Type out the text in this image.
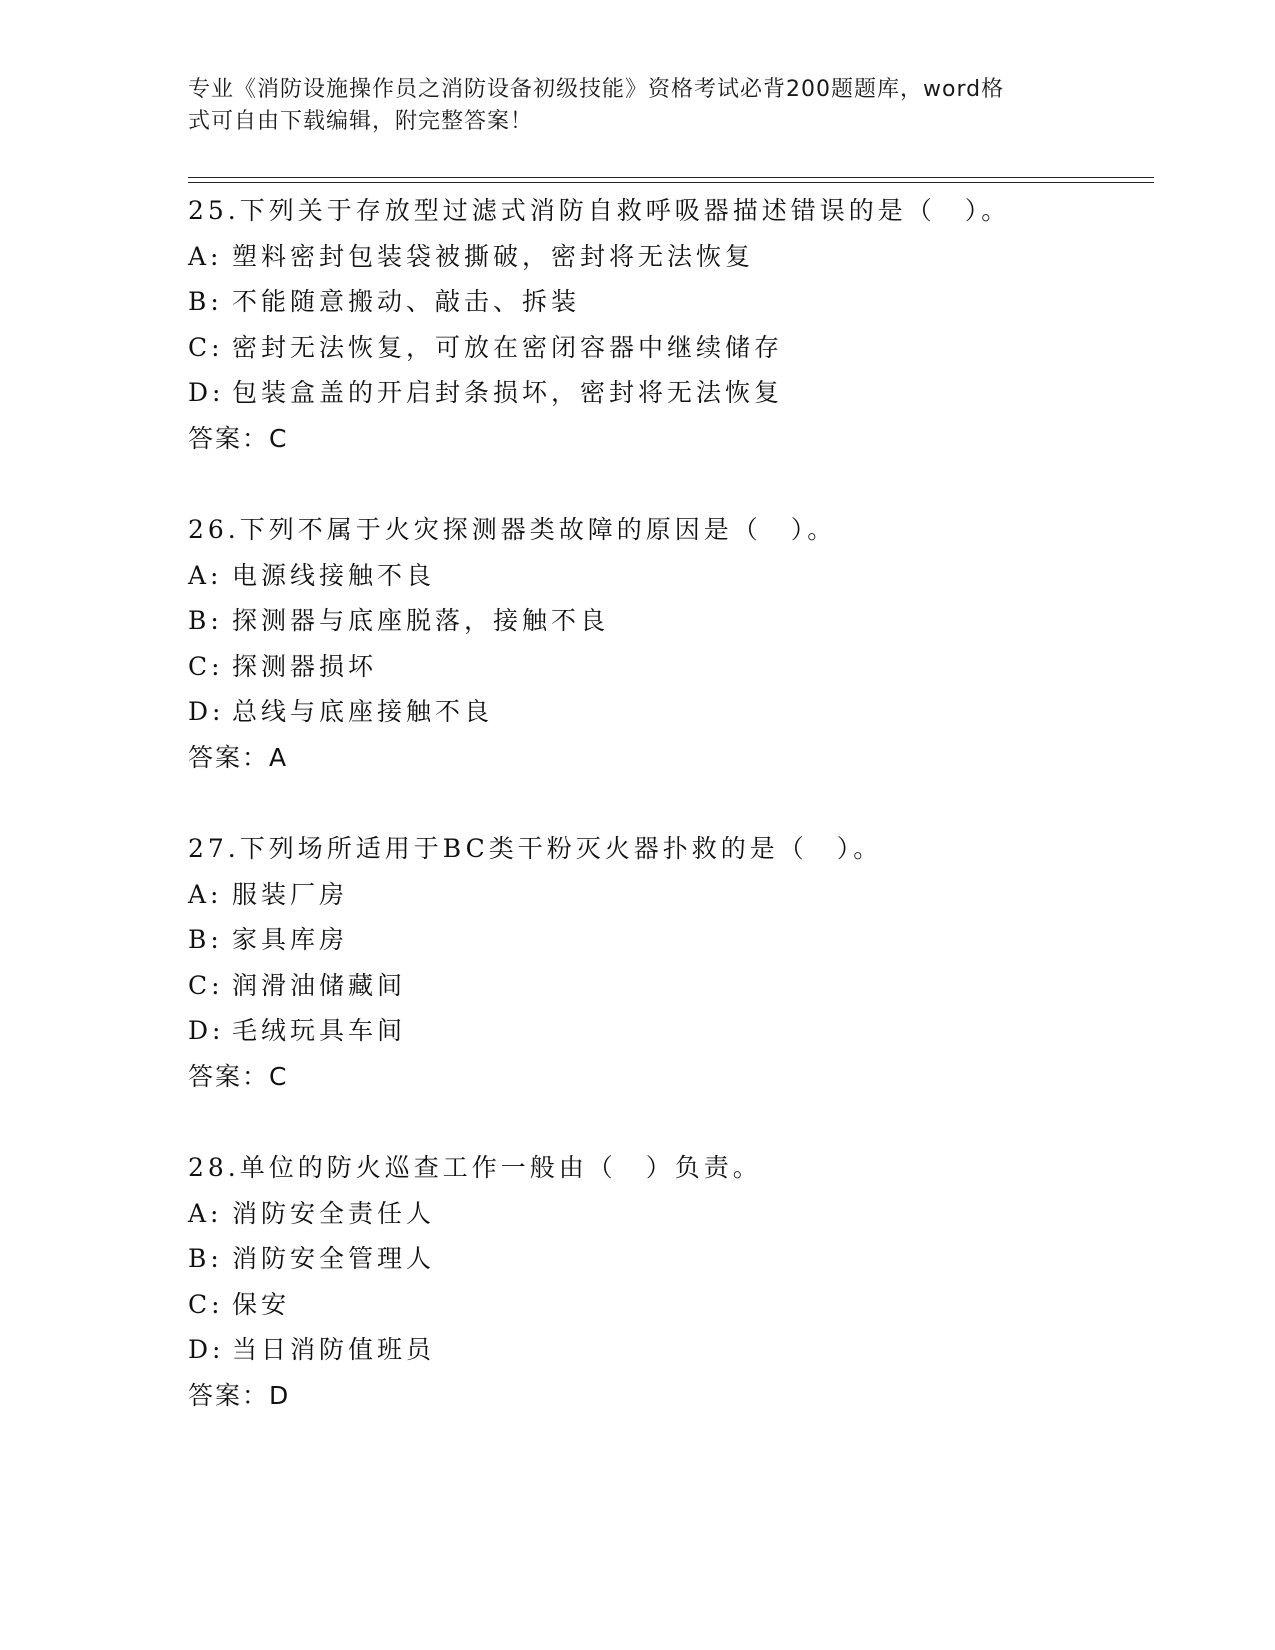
专业《消防设施操作员之消防设备初级技能》资格考试必背200题题库，word格
式可自由下载编辑，附完整答案！
25.下列关于存放型过滤式消防自救呼吸器描述错误的是（　）。
A: 塑料密封包装袋被撕破，密封将无法恢复
B: 不能随意搬动、敲击、拆装
C: 密封无法恢复，可放在密闭容器中继续储存
D: 包装盒盖的开启封条损坏，密封将无法恢复
答案：C
26.下列不属于火灾探测器类故障的原因是（　）。
A: 电源线接触不良
B: 探测器与底座脱落，接触不良
C: 探测器损坏
D: 总线与底座接触不良
答案：A
27.下列场所适用于BC类干粉灭火器扑救的是（　）。
A: 服装厂房
B: 家具库房
C: 润滑油储藏间
D: 毛绒玩具车间
答案：C
28.单位的防火巡查工作一般由（　）负责。
A: 消防安全责任人
B: 消防安全管理人
C: 保安
D: 当日消防值班员
答案：D
